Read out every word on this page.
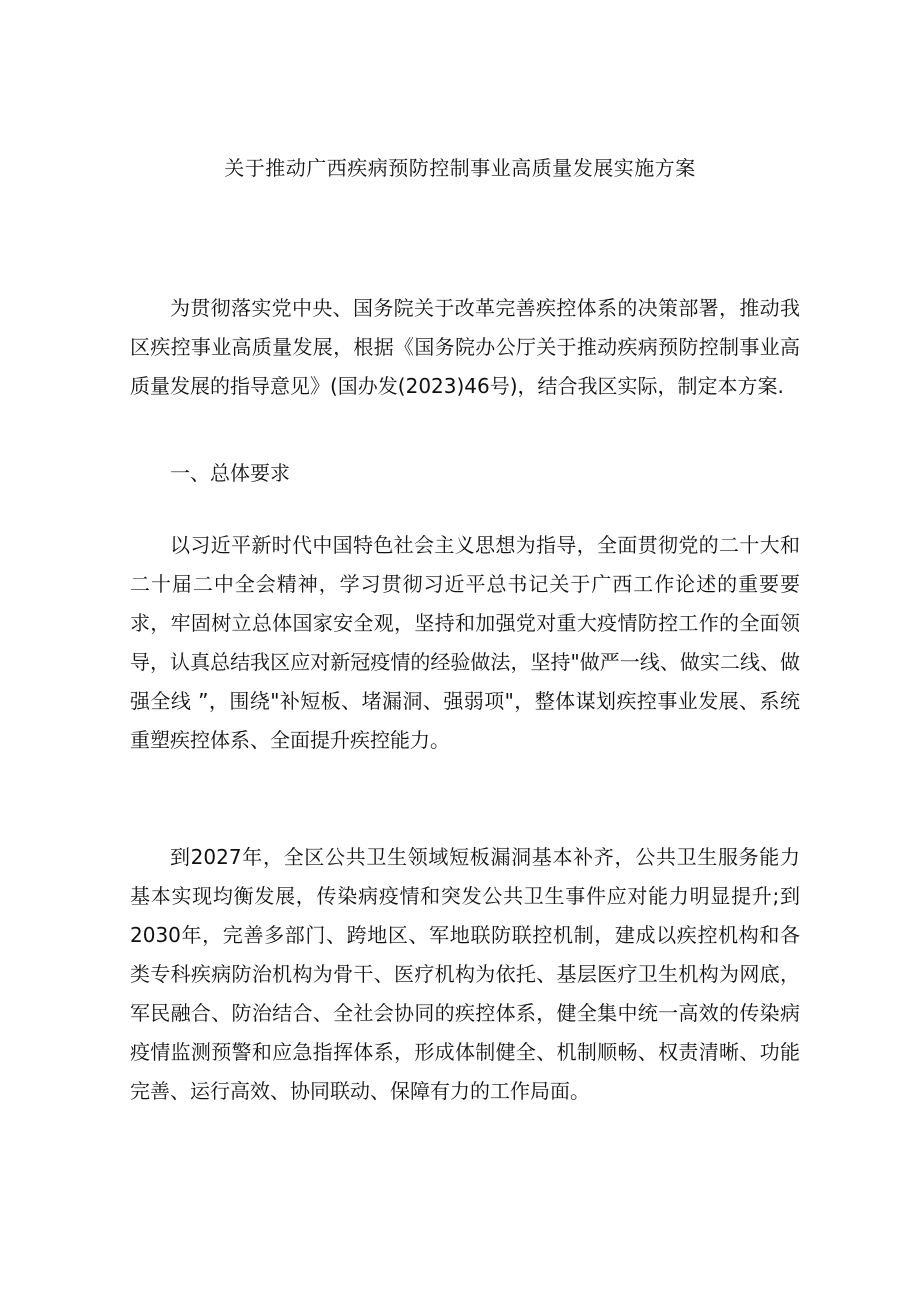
关于推动广西疾病预防控制事业高质量发展实施方案

为贯彻落实党中央、国务院关于改革完善疾控体系的决策部署，推动我区疾控事业高质量发展，根据《国务院办公厅关于推动疾病预防控制事业高质量发展的指导意见》(国办发(2023)46号)，结合我区实际，制定本方案.

一、总体要求

以习近平新时代中国特色社会主义思想为指导，全面贯彻党的二十大和二十届二中全会精神，学习贯彻习近平总书记关于广西工作论述的重要要求，牢固树立总体国家安全观，坚持和加强党对重大疫情防控工作的全面领导，认真总结我区应对新冠疫情的经验做法，坚持"做严一线、做实二线、做强全线 ”，围绕"补短板、堵漏洞、强弱项"，整体谋划疾控事业发展、系统重塑疾控体系、全面提升疾控能力。

到2027年，全区公共卫生领域短板漏洞基本补齐，公共卫生服务能力基本实现均衡发展，传染病疫情和突发公共卫生事件应对能力明显提升;到2030年，完善多部门、跨地区、军地联防联控机制，建成以疾控机构和各类专科疾病防治机构为骨干、医疗机构为依托、基层医疗卫生机构为网底，军民融合、防治结合、全社会协同的疾控体系，健全集中统一高效的传染病疫情监测预警和应急指挥体系，形成体制健全、机制顺畅、权责清晰、功能完善、运行高效、协同联动、保障有力的工作局面。
